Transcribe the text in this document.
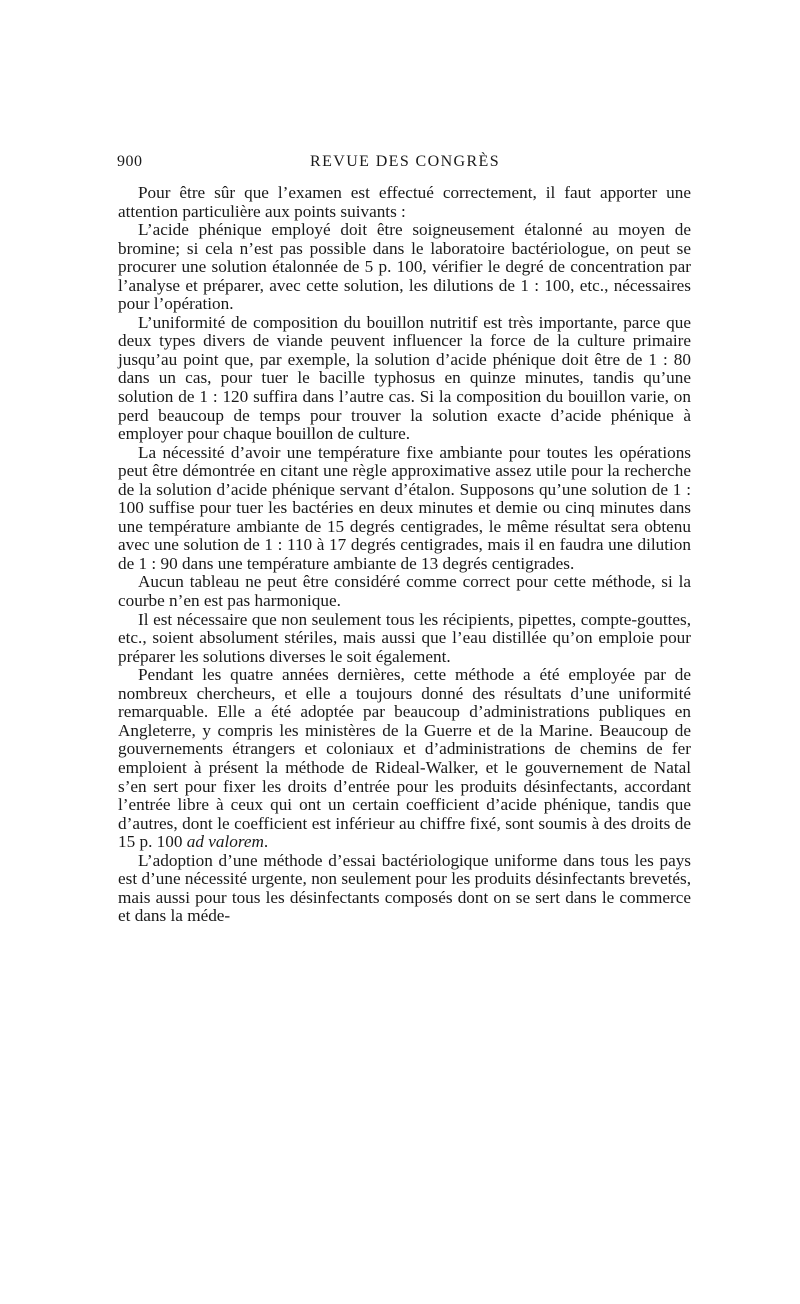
900	REVUE DES CONGRÈS

Pour être sûr que l’examen est effectué correctement, il faut apporter une attention particulière aux points suivants :

L’acide phénique employé doit être soigneusement étalonné au moyen de bromine; si cela n’est pas possible dans le laboratoire bactériologue, on peut se procurer une solution étalonnée de 5 p. 100, vérifier le degré de concentration par l’analyse et préparer, avec cette solution, les dilutions de 1 : 100, etc., nécessaires pour l’opération.

L’uniformité de composition du bouillon nutritif est très importante, parce que deux types divers de viande peuvent influencer la force de la culture primaire jusqu’au point que, par exemple, la solution d’acide phénique doit être de 1 : 80 dans un cas, pour tuer le bacille typhosus en quinze minutes, tandis qu’une solution de 1 : 120 suffira dans l’autre cas. Si la composition du bouillon varie, on perd beaucoup de temps pour trouver la solution exacte d’acide phénique à employer pour chaque bouillon de culture.

La nécessité d’avoir une température fixe ambiante pour toutes les opérations peut être démontrée en citant une règle approximative assez utile pour la recherche de la solution d’acide phénique servant d’étalon. Supposons qu’une solution de 1 : 100 suffise pour tuer les bactéries en deux minutes et demie ou cinq minutes dans une température ambiante de 15 degrés centigrades, le même résultat sera obtenu avec une solution de 1 : 110 à 17 degrés centigrades, mais il en faudra une dilution de 1 : 90 dans une température ambiante de 13 degrés centigrades.

Aucun tableau ne peut être considéré comme correct pour cette méthode, si la courbe n’en est pas harmonique.

Il est nécessaire que non seulement tous les récipients, pipettes, compte-gouttes, etc., soient absolument stériles, mais aussi que l’eau distillée qu’on emploie pour préparer les solutions diverses le soit également.

Pendant les quatre années dernières, cette méthode a été employée par de nombreux chercheurs, et elle a toujours donné des résultats d’une uniformité remarquable. Elle a été adoptée par beaucoup d’administrations publiques en Angleterre, y compris les ministères de la Guerre et de la Marine. Beaucoup de gouvernements étrangers et coloniaux et d’administrations de chemins de fer emploient à présent la méthode de Rideal-Walker, et le gouvernement de Natal s’en sert pour fixer les droits d’entrée pour les produits désinfectants, accordant l’entrée libre à ceux qui ont un certain coefficient d’acide phénique, tandis que d’autres, dont le coefficient est inférieur au chiffre fixé, sont soumis à des droits de 15 p. 100 ad valorem.

L’adoption d’une méthode d’essai bactériologique uniforme dans tous les pays est d’une nécessité urgente, non seulement pour les produits désinfectants brevetés, mais aussi pour tous les désinfectants composés dont on se sert dans le commerce et dans la méde-
